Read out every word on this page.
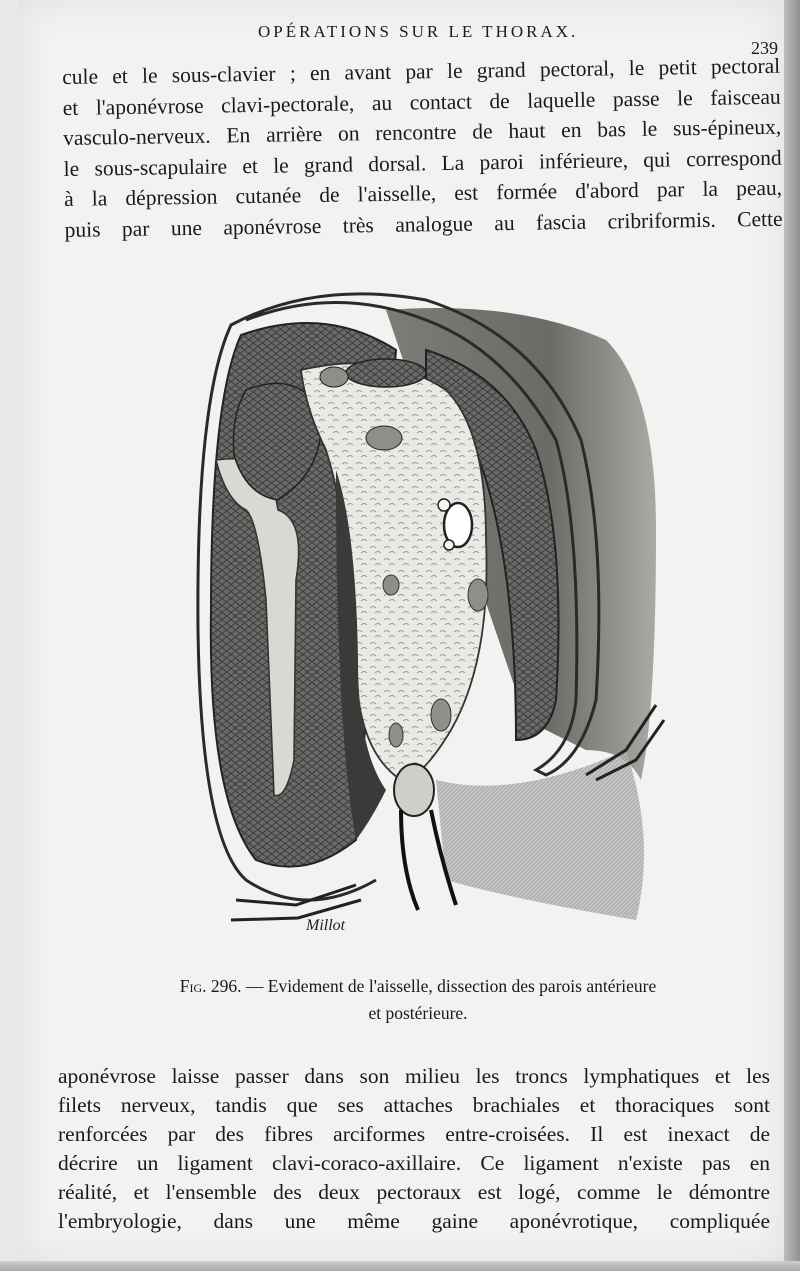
OPÉRATIONS SUR LE THORAX.
239
cule et le sous-clavier ; en avant par le grand pectoral, le petit pectoral
et l'aponévrose clavi-pectorale, au contact de laquelle passe le faisceau
vasculo-nerveux. En arrière on rencontre de haut en bas le sus-épineux,
le sous-scapulaire et le grand dorsal. La paroi inférieure, qui correspond
à la dépression cutanée de l'aisselle, est formée d'abord par la peau,
puis par une aponévrose très analogue au fascia cribriformis. Cette
Millot
Fig. 296. — Evidement de l'aisselle, dissection des parois antérieure
et postérieure.
aponévrose laisse passer dans son milieu les troncs lymphatiques et les
filets nerveux, tandis que ses attaches brachiales et thoraciques sont
renforcées par des fibres arciformes entre-croisées. Il est inexact de
décrire un ligament clavi-coraco-axillaire. Ce ligament n'existe pas en
réalité, et l'ensemble des deux pectoraux est logé, comme le démontre
l'embryologie, dans une même gaine aponévrotique, compliquée
